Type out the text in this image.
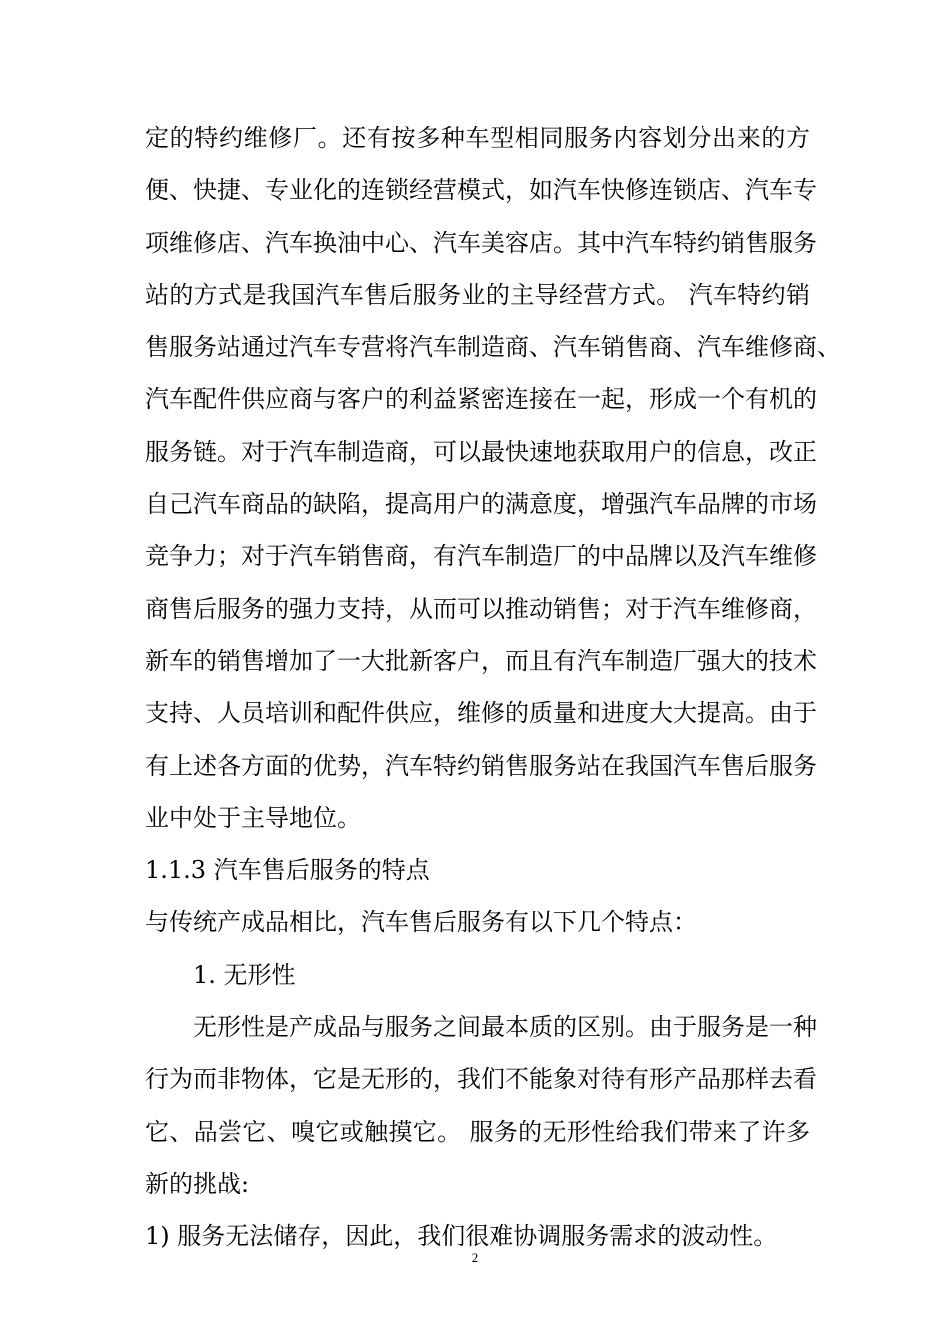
定的特约维修厂。还有按多种车型相同服务内容划分出来的方
便、快捷、专业化的连锁经营模式，如汽车快修连锁店、汽车专
项维修店、汽车换油中心、汽车美容店。其中汽车特约销售服务
站的方式是我国汽车售后服务业的主导经营方式。 汽车特约销
售服务站通过汽车专营将汽车制造商、汽车销售商、汽车维修商、
汽车配件供应商与客户的利益紧密连接在一起，形成一个有机的
服务链。对于汽车制造商，可以最快速地获取用户的信息，改正
自己汽车商品的缺陷，提高用户的满意度，增强汽车品牌的市场
竞争力；对于汽车销售商，有汽车制造厂的中品牌以及汽车维修
商售后服务的强力支持，从而可以推动销售；对于汽车维修商，
新车的销售增加了一大批新客户，而且有汽车制造厂强大的技术
支持、人员培训和配件供应，维修的质量和进度大大提高。由于
有上述各方面的优势，汽车特约销售服务站在我国汽车售后服务
业中处于主导地位。
1.1.3 汽车售后服务的特点
与传统产成品相比，汽车售后服务有以下几个特点：
1. 无形性
无形性是产成品与服务之间最本质的区别。由于服务是一种
行为而非物体，它是无形的，我们不能象对待有形产品那样去看
它、品尝它、嗅它或触摸它。 服务的无形性给我们带来了许多
新的挑战:
1) 服务无法储存，因此，我们很难协调服务需求的波动性。
2
